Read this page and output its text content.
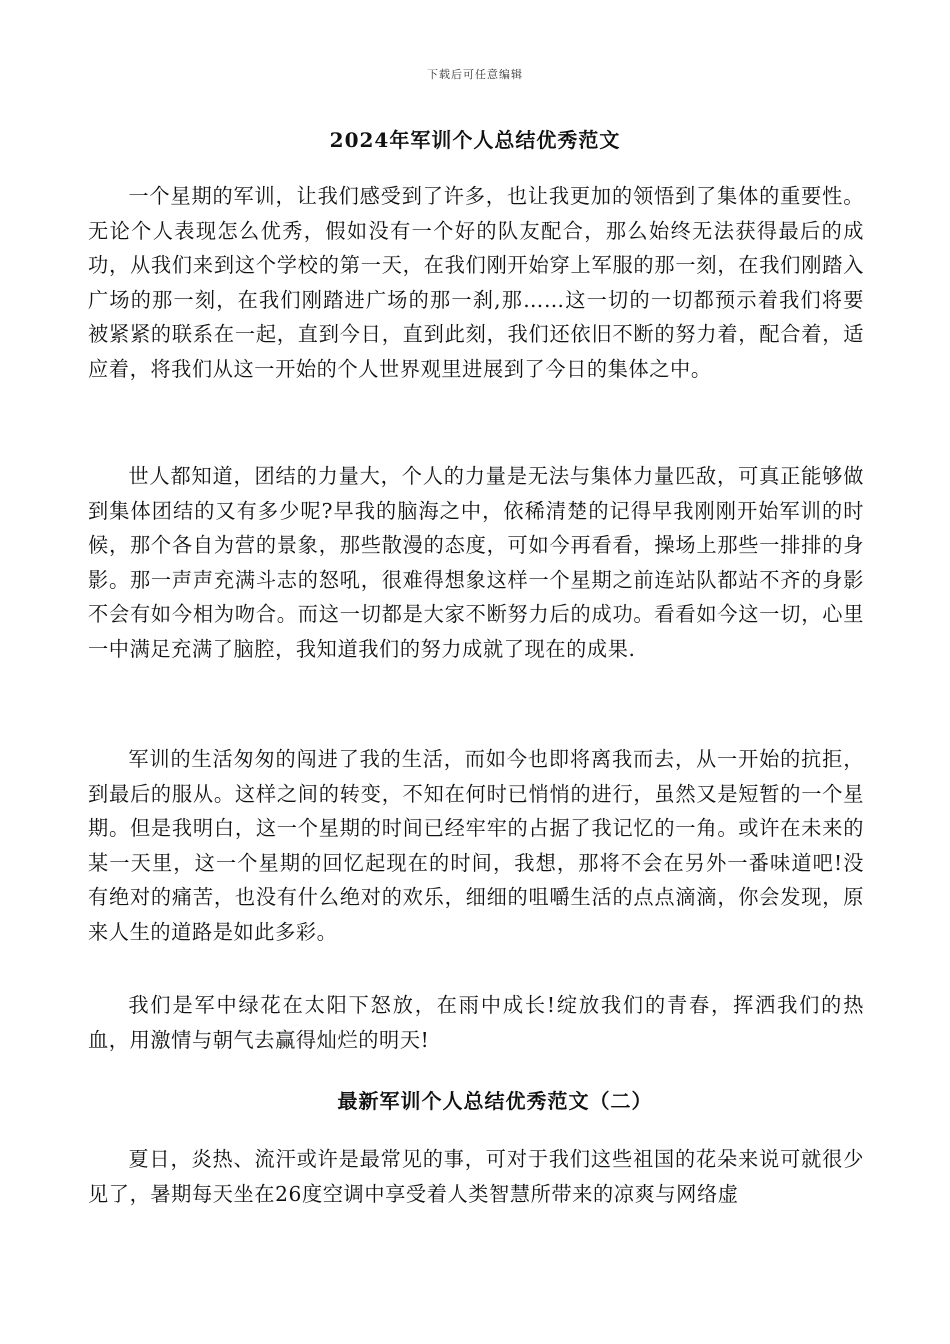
下载后可任意编辑
2024年军训个人总结优秀范文

一个星期的军训，让我们感受到了许多，也让我更加的领悟到了集体的重要性。无论个人表现怎么优秀，假如没有一个好的队友配合，那么始终无法获得最后的成功，从我们来到这个学校的第一天，在我们刚开始穿上军服的那一刻，在我们刚踏入广场的那一刻，在我们刚踏进广场的那一刹,那……这一切的一切都预示着我们将要被紧紧的联系在一起，直到今日，直到此刻，我们还依旧不断的努力着，配合着，适应着，将我们从这一开始的个人世界观里进展到了今日的集体之中。

世人都知道，团结的力量大，个人的力量是无法与集体力量匹敌，可真正能够做到集体团结的又有多少呢?早我的脑海之中，依稀清楚的记得早我刚刚开始军训的时候，那个各自为营的景象，那些散漫的态度，可如今再看看，操场上那些一排排的身影。那一声声充满斗志的怒吼，很难得想象这样一个星期之前连站队都站不齐的身影不会有如今相为吻合。而这一切都是大家不断努力后的成功。看看如今这一切，心里一中满足充满了脑腔，我知道我们的努力成就了现在的成果.

军训的生活匆匆的闯进了我的生活，而如今也即将离我而去，从一开始的抗拒，到最后的服从。这样之间的转变，不知在何时已悄悄的进行，虽然又是短暂的一个星期。但是我明白，这一个星期的时间已经牢牢的占据了我记忆的一角。或许在未来的某一天里，这一个星期的回忆起现在的时间，我想，那将不会在另外一番味道吧!没有绝对的痛苦，也没有什么绝对的欢乐，细细的咀嚼生活的点点滴滴，你会发现，原来人生的道路是如此多彩。

我们是军中绿花在太阳下怒放，在雨中成长!绽放我们的青春，挥洒我们的热血，用激情与朝气去赢得灿烂的明天!

最新军训个人总结优秀范文（二）

夏日，炎热、流汗或许是最常见的事，可对于我们这些祖国的花朵来说可就很少见了，暑期每天坐在26度空调中享受着人类智慧所带来的凉爽与网络虚
